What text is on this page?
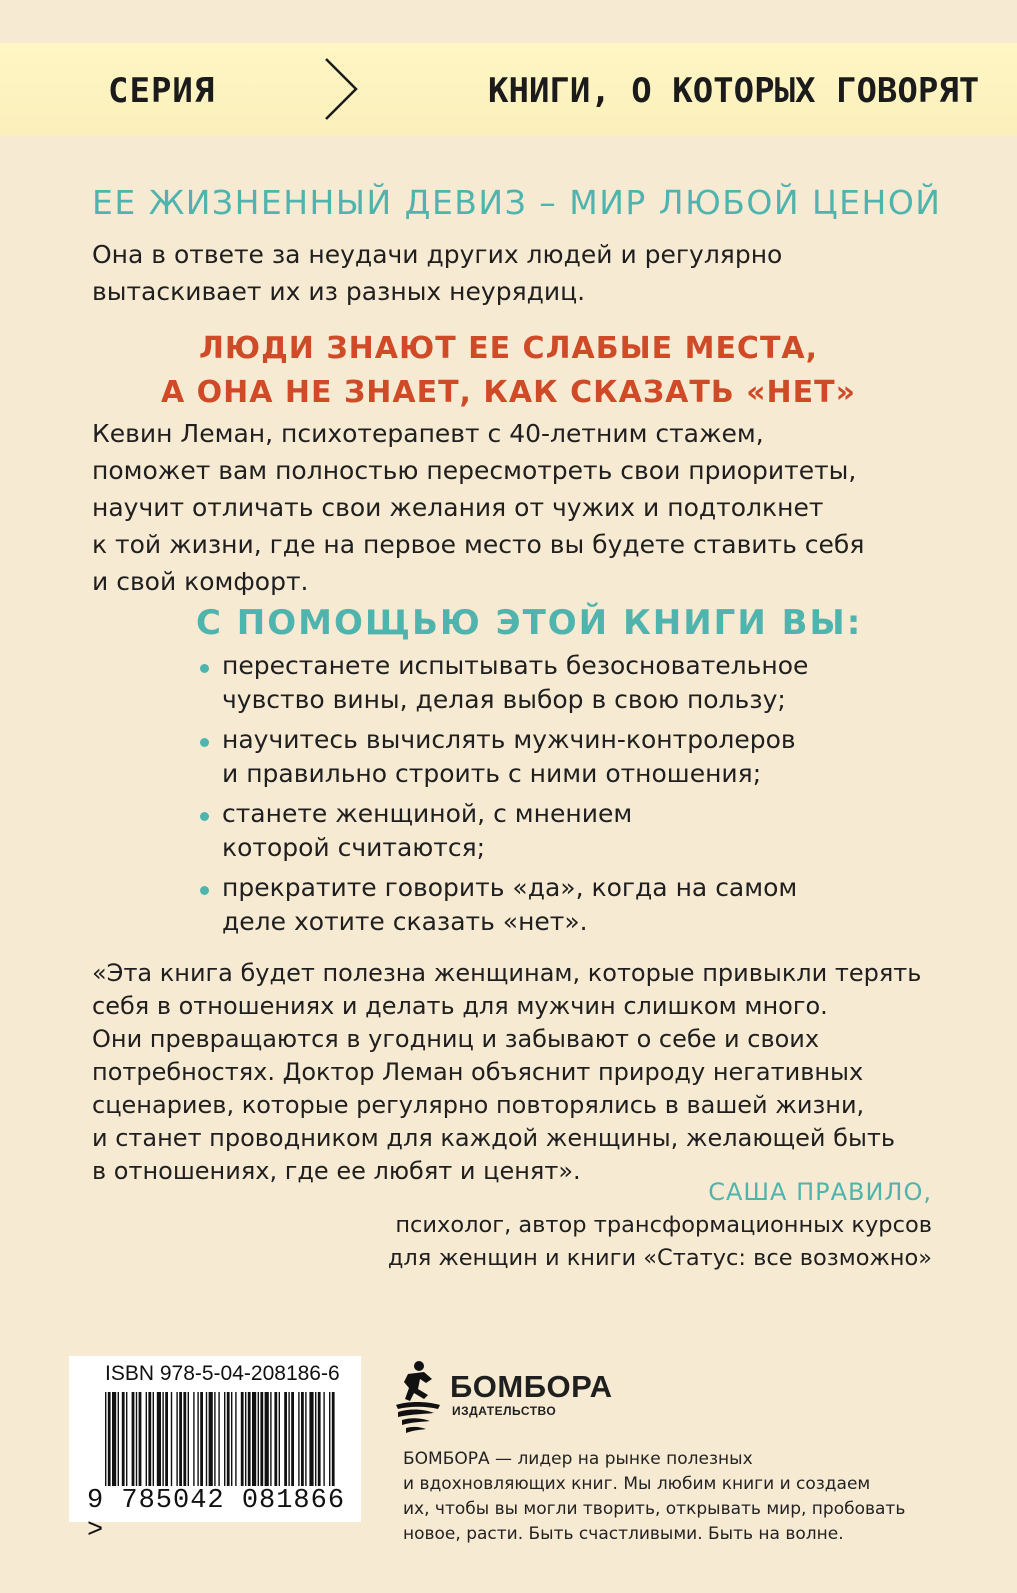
СЕРИЯ	КНИГИ, О КОТОРЫХ ГОВОРЯТ
ЕЕ ЖИЗНЕННЫЙ ДЕВИЗ – МИР ЛЮБОЙ ЦЕНОЙ
Она в ответе за неудачи других людей и регулярно
вытаскивает их из разных неурядиц.
ЛЮДИ ЗНАЮТ ЕЕ СЛАБЫЕ МЕСТА,
А ОНА НЕ ЗНАЕТ, КАК СКАЗАТЬ «НЕТ»
Кевин Леман, психотерапевт с 40-летним стажем,
поможет вам полностью пересмотреть свои приоритеты,
научит отличать свои желания от чужих и подтолкнет
к той жизни, где на первое место вы будете ставить себя
и свой комфорт.
С ПОМОЩЬЮ ЭТОЙ КНИГИ ВЫ:
перестанете испытывать безосновательное
чувство вины, делая выбор в свою пользу;
научитесь вычислять мужчин-контролеров
и правильно строить с ними отношения;
станете женщиной, с мнением
которой считаются;
прекратите говорить «да», когда на самом
деле хотите сказать «нет».
«Эта книга будет полезна женщинам, которые привыкли терять
себя в отношениях и делать для мужчин слишком много.
Они превращаются в угодниц и забывают о себе и своих
потребностях. Доктор Леман объяснит природу негативных
сценариев, которые регулярно повторялись в вашей жизни,
и станет проводником для каждой женщины, желающей быть
в отношениях, где ее любят и ценят».
САША ПРАВИЛО,
психолог, автор трансформационных курсов
для женщин и книги «Статус: все возможно»
ISBN 978-5-04-208186-6
9 785042 081866 >
БОМБОРА
ИЗДАТЕЛЬСТВО
БОМБОРА — лидер на рынке полезных
и вдохновляющих книг. Мы любим книги и создаем
их, чтобы вы могли творить, открывать мир, пробовать
новое, расти. Быть счастливыми. Быть на волне.
